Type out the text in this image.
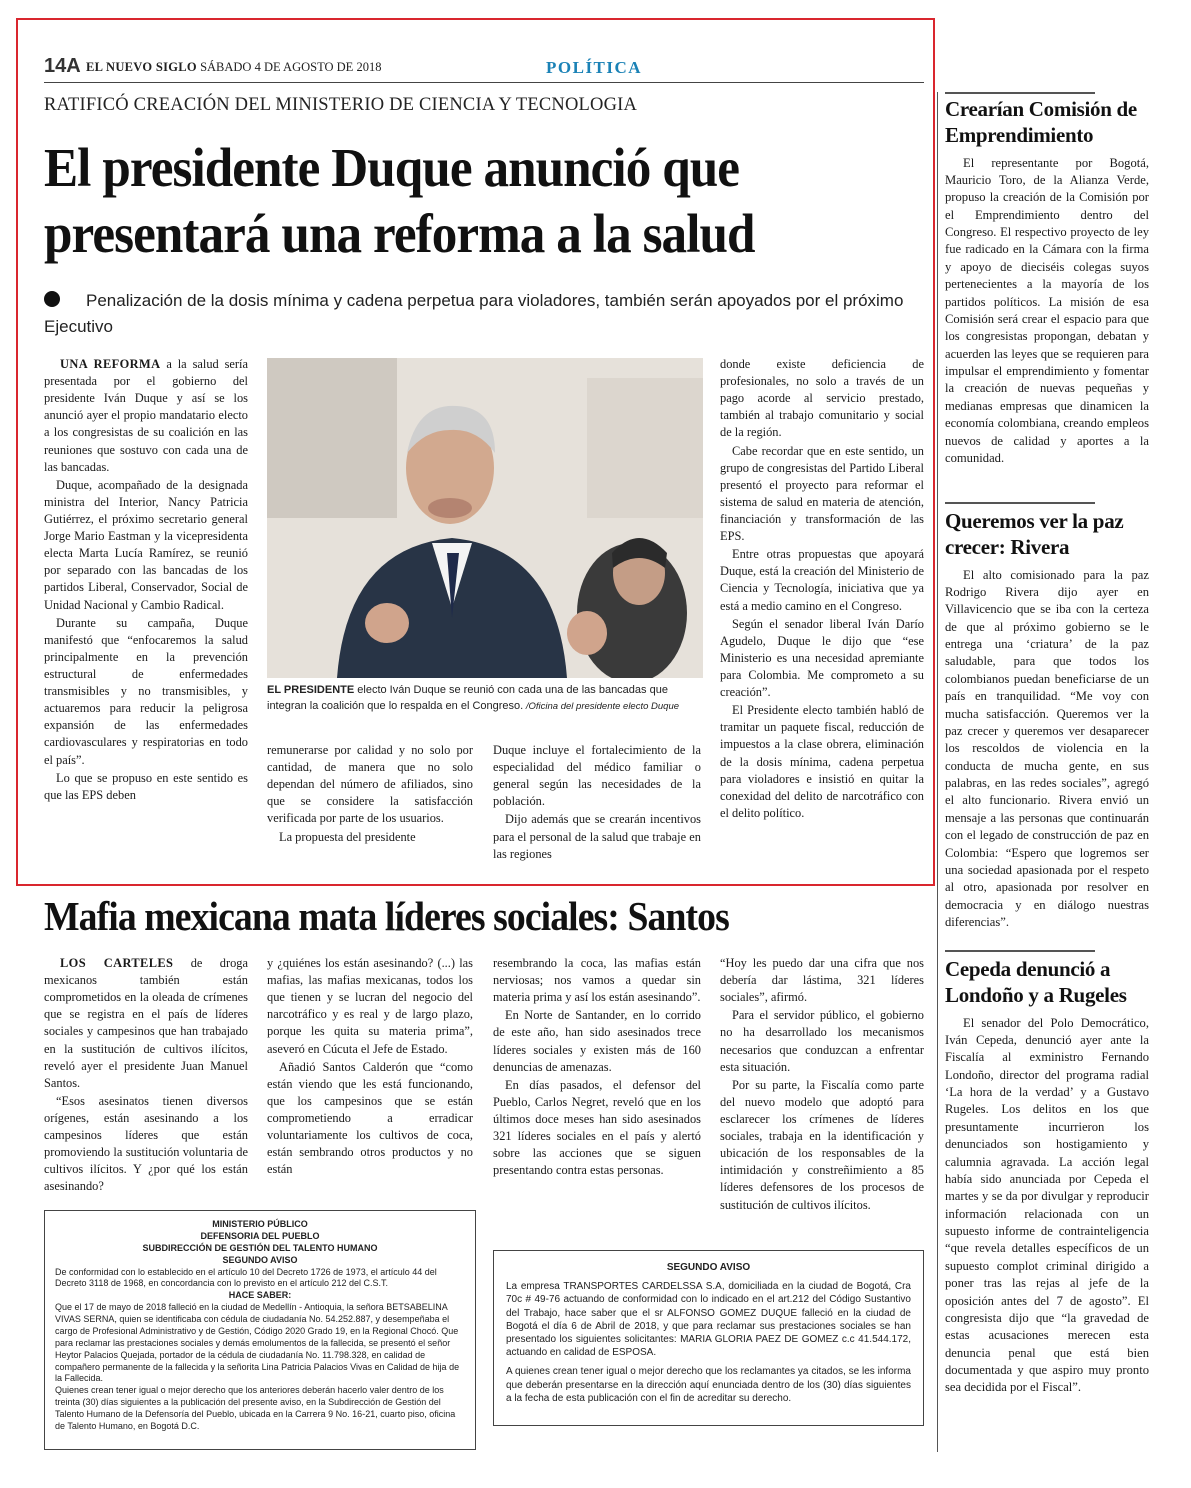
14A EL NUEVO SIGLO SÁBADO 4 DE AGOSTO DE 2018	POLÍTICA
RATIFICÓ CREACIÓN DEL MINISTERIO DE CIENCIA Y TECNOLOGIA
El presidente Duque anunció que presentará una reforma a la salud
Penalización de la dosis mínima y cadena perpetua para violadores, también serán apoyados por el próximo Ejecutivo

UNA REFORMA a la salud sería presentada por el gobierno del presidente Iván Duque y así se los anunció ayer el propio mandatario electo a los congresistas de su coalición en las reuniones que sostuvo con cada una de las bancadas.

Duque, acompañado de la designada ministra del Interior, Nancy Patricia Gutiérrez, el próximo secretario general Jorge Mario Eastman y la vicepresidenta electa Marta Lucía Ramírez, se reunió por separado con las bancadas de los partidos Liberal, Conservador, Social de Unidad Nacional y Cambio Radical.

Durante su campaña, Duque manifestó que “enfocaremos la salud principalmente en la prevención estructural de enfermedades transmisibles y no transmisibles, y actuaremos para reducir la peligrosa expansión de las enfermedades cardiovasculares y respiratorias en todo el país”.

Lo que se propuso en este sentido es que las EPS deben

EL PRESIDENTE electo Iván Duque se reunió con cada una de las bancadas que integran la coalición que lo respalda en el Congreso. /Oficina del presidente electo Duque

remunerarse por calidad y no solo por cantidad, de manera que no solo dependan del número de afiliados, sino que se considere la satisfacción verificada por parte de los usuarios.

La propuesta del presidente

Duque incluye el fortalecimiento de la especialidad del médico familiar o general según las necesidades de la población.

Dijo además que se crearán incentivos para el personal de la salud que trabaje en las regiones

donde existe deficiencia de profesionales, no solo a través de un pago acorde al servicio prestado, también al trabajo comunitario y social de la región.

Cabe recordar que en este sentido, un grupo de congresistas del Partido Liberal presentó el proyecto para reformar el sistema de salud en materia de atención, financiación y transformación de las EPS.

Entre otras propuestas que apoyará Duque, está la creación del Ministerio de Ciencia y Tecnología, iniciativa que ya está a medio camino en el Congreso.

Según el senador liberal Iván Darío Agudelo, Duque le dijo que “ese Ministerio es una necesidad apremiante para Colombia. Me comprometo a su creación”.

El Presidente electo también habló de tramitar un paquete fiscal, reducción de impuestos a la clase obrera, eliminación de la dosis mínima, cadena perpetua para violadores e insistió en quitar la conexidad del delito de narcotráfico con el delito político.

Crearían Comisión de Emprendimiento

El representante por Bogotá, Mauricio Toro, de la Alianza Verde, propuso la creación de la Comisión por el Emprendimiento dentro del Congreso. El respectivo proyecto de ley fue radicado en la Cámara con la firma y apoyo de dieciséis colegas suyos pertenecientes a la mayoría de los partidos políticos. La misión de esa Comisión será crear el espacio para que los congresistas propongan, debatan y acuerden las leyes que se requieren para impulsar el emprendimiento y fomentar la creación de nuevas pequeñas y medianas empresas que dinamicen la economía colombiana, creando empleos nuevos de calidad y aportes a la comunidad.

Queremos ver la paz crecer: Rivera

El alto comisionado para la paz Rodrigo Rivera dijo ayer en Villavicencio que se iba con la certeza de que al próximo gobierno se le entrega una ‘criatura’ de la paz saludable, para que todos los colombianos puedan beneficiarse de un país en tranquilidad. “Me voy con mucha satisfacción. Queremos ver la paz crecer y queremos ver desaparecer los rescoldos de violencia en la conducta de mucha gente, en sus palabras, en las redes sociales”, agregó el alto funcionario. Rivera envió un mensaje a las personas que continuarán con el legado de construcción de paz en Colombia: “Espero que logremos ser una sociedad apasionada por el respeto al otro, apasionada por resolver en democracia y en diálogo nuestras diferencias”.

Cepeda denunció a Londoño y a Rugeles

El senador del Polo Democrático, Iván Cepeda, denunció ayer ante la Fiscalía al exministro Fernando Londoño, director del programa radial ‘La hora de la verdad’ y a Gustavo Rugeles. Los delitos en los que presuntamente incurrieron los denunciados son hostigamiento y calumnia agravada. La acción legal había sido anunciada por Cepeda el martes y se da por divulgar y reproducir información relacionada con un supuesto informe de contrainteligencia “que revela detalles específicos de un supuesto complot criminal dirigido a poner tras las rejas al jefe de la oposición antes del 7 de agosto”. El congresista dijo que “la gravedad de estas acusaciones merecen esta denuncia penal que está bien documentada y que aspiro muy pronto sea decidida por el Fiscal”.

Mafia mexicana mata líderes sociales: Santos

LOS CARTELES de droga mexicanos también están comprometidos en la oleada de crímenes que se registra en el país de líderes sociales y campesinos que han trabajado en la sustitución de cultivos ilícitos, reveló ayer el presidente Juan Manuel Santos.

“Esos asesinatos tienen diversos orígenes, están asesinando a los campesinos líderes que están promoviendo la sustitución voluntaria de cultivos ilícitos. Y ¿por qué los están asesinando?

y ¿quiénes los están asesinando? (...) las mafias, las mafias mexicanas, todos los que tienen y se lucran del negocio del narcotráfico y es real y de largo plazo, porque les quita su materia prima”, aseveró en Cúcuta el Jefe de Estado.

Añadió Santos Calderón que “como están viendo que les está funcionando, que los campesinos que se están comprometiendo a erradicar voluntariamente los cultivos de coca, están sembrando otros productos y no están

resembrando la coca, las mafias están nerviosas; nos vamos a quedar sin materia prima y así los están asesinando”.

En Norte de Santander, en lo corrido de este año, han sido asesinados trece líderes sociales y existen más de 160 denuncias de amenazas.

En días pasados, el defensor del Pueblo, Carlos Negret, reveló que en los últimos doce meses han sido asesinados 321 líderes sociales en el país y alertó sobre las acciones que se siguen presentando contra estas personas.

“Hoy les puedo dar una cifra que nos debería dar lástima, 321 líderes sociales”, afirmó.

Para el servidor público, el gobierno no ha desarrollado los mecanismos necesarios que conduzcan a enfrentar esta situación.

Por su parte, la Fiscalía como parte del nuevo modelo que adoptó para esclarecer los crímenes de líderes sociales, trabaja en la identificación y ubicación de los responsables de la intimidación y constreñimiento a 85 líderes defensores de los procesos de sustitución de cultivos ilícitos.

MINISTERIO PÚBLICO
DEFENSORIA DEL PUEBLO
SUBDIRECCIÓN DE GESTIÓN DEL TALENTO HUMANO
SEGUNDO AVISO
De conformidad con lo establecido en el artículo 10 del Decreto 1726 de 1973, el artículo 44 del Decreto 3118 de 1968, en concordancia con lo previsto en el artículo 212 del C.S.T.
HACE SABER:
Que el 17 de mayo de 2018 falleció en la ciudad de Medellín - Antioquia, la señora BETSABELINA VIVAS SERNA, quien se identificaba con cédula de ciudadanía No. 54.252.887, y desempeñaba el cargo de Profesional Administrativo y de Gestión, Código 2020 Grado 19, en la Regional Chocó. Que para reclamar las prestaciones sociales y demás emolumentos de la fallecida, se presentó el señor Heytor Palacios Quejada, portador de la cédula de ciudadanía No. 11.798.328, en calidad de compañero permanente de la fallecida y la señorita Lina Patricia Palacios Vivas en Calidad de hija de la Fallecida.
Quienes crean tener igual o mejor derecho que los anteriores deberán hacerlo valer dentro de los treinta (30) días siguientes a la publicación del presente aviso, en la Subdirección de Gestión del Talento Humano de la Defensoría del Pueblo, ubicada en la Carrera 9 No. 16-21, cuarto piso, oficina de Talento Humano, en Bogotá D.C.
SEGUNDO AVISO
La empresa TRANSPORTES CARDELSSA S.A, domiciliada en la ciudad de Bogotá, Cra 70c # 49-76 actuando de conformidad con lo indicado en el art.212 del Código Sustantivo del Trabajo, hace saber que el sr ALFONSO GOMEZ DUQUE falleció en la ciudad de Bogotá el día 6 de Abril de 2018, y que para reclamar sus prestaciones sociales se han presentado los siguientes solicitantes: MARIA GLORIA PAEZ DE GOMEZ c.c 41.544.172, actuando en calidad de ESPOSA.
A quienes crean tener igual o mejor derecho que los reclamantes ya citados, se les informa que deberán presentarse en la dirección aquí enunciada dentro de los (30) días siguientes a la fecha de esta publicación con el fin de acreditar su derecho.
